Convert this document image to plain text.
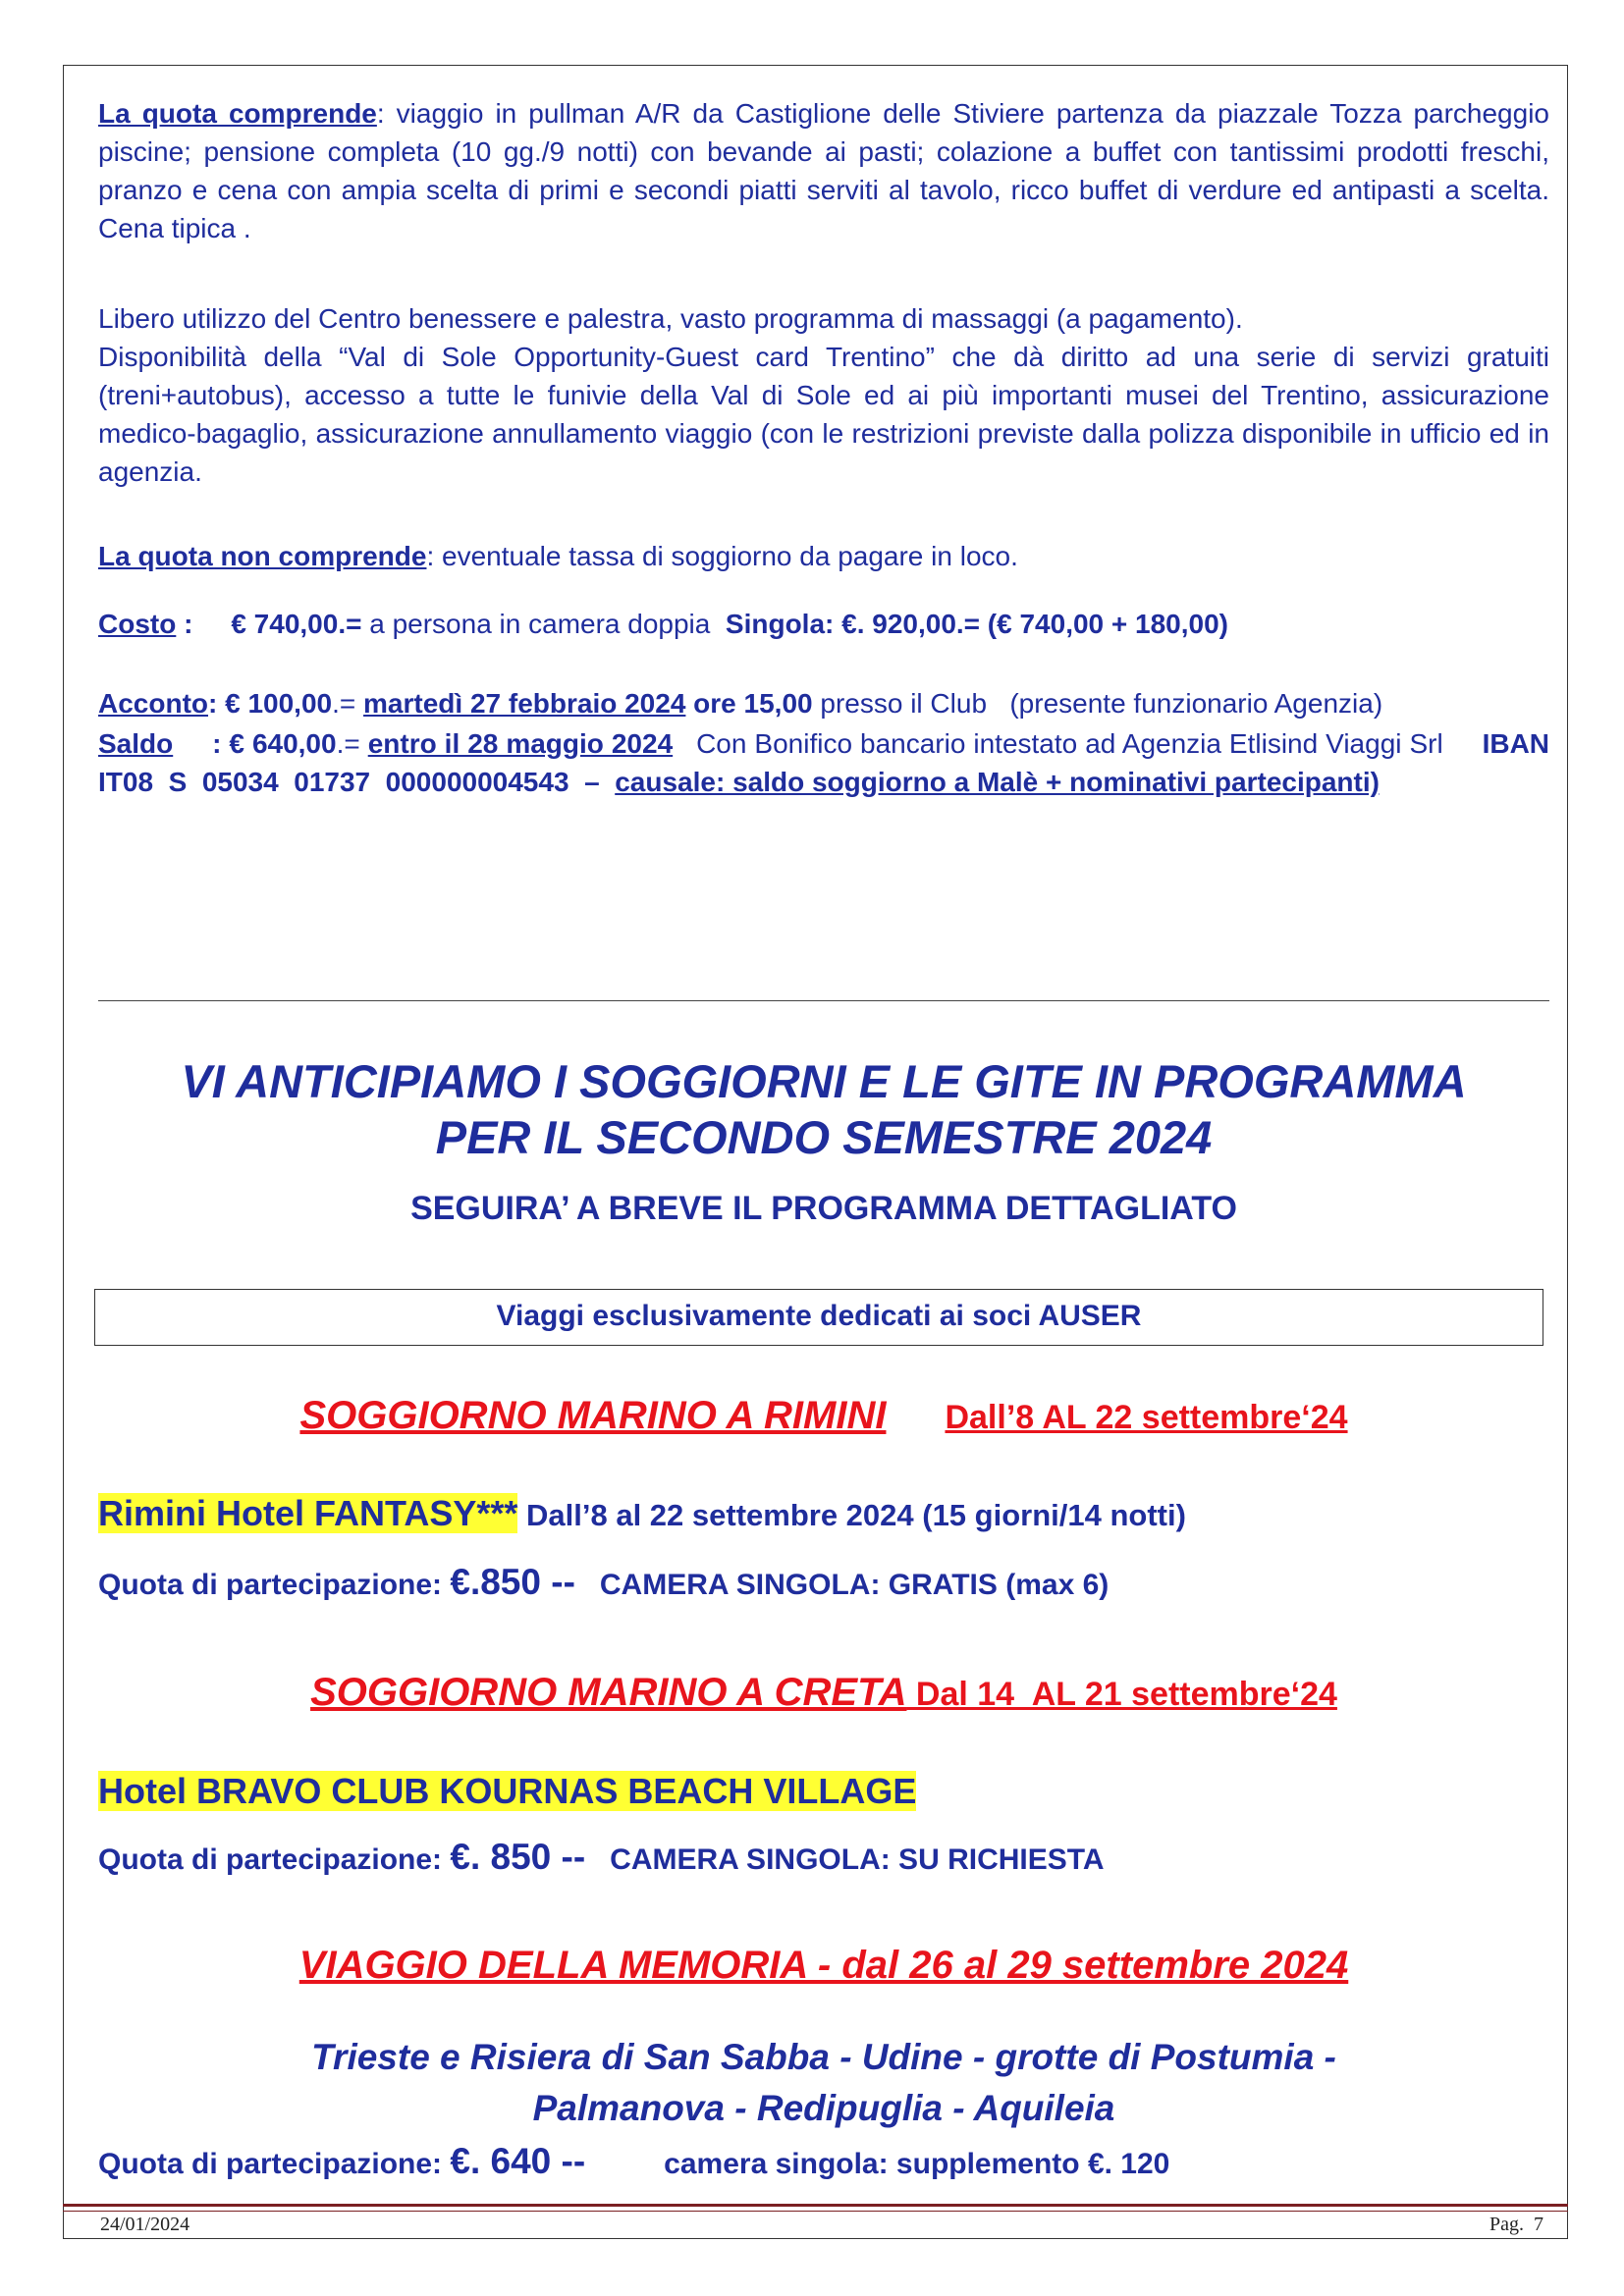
La quota comprende: viaggio in pullman A/R da Castiglione delle Stiviere partenza da piazzale Tozza parcheggio piscine; pensione completa (10 gg./9 notti) con bevande ai pasti; colazione a buffet con tantissimi prodotti freschi, pranzo e cena con ampia scelta di primi e secondi piatti serviti al tavolo, ricco buffet di verdure ed antipasti a scelta. Cena tipica .
Libero utilizzo del Centro benessere e palestra, vasto programma di massaggi (a pagamento).
Disponibilità della “Val di Sole Opportunity-Guest card Trentino” che dà diritto ad una serie di servizi gratuiti (treni+autobus), accesso a tutte le funivie della Val di Sole ed ai più importanti musei del Trentino, assicurazione medico-bagaglio, assicurazione annullamento viaggio (con le restrizioni previste dalla polizza disponibile in ufficio ed in agenzia.
La quota non comprende: eventuale tassa di soggiorno da pagare in loco.
Costo :     € 740,00.= a persona in camera doppia  Singola: €. 920,00.= (€ 740,00 + 180,00)
Acconto: € 100,00.= martedì 27 febbraio 2024 ore 15,00 presso il Club   (presente funzionario Agenzia)
Saldo     : € 640,00.= entro il 28 maggio 2024   Con Bonifico bancario intestato ad Agenzia Etlisind Viaggi Srl     IBAN   IT08  S  05034  01737  000000004543  –  causale: saldo soggiorno a Malè + nominativi partecipanti)
VI ANTICIPIAMO I SOGGIORNI E LE GITE IN PROGRAMMA
PER IL SECONDO SEMESTRE 2024
SEGUIRA’ A BREVE IL PROGRAMMA DETTAGLIATO
Viaggi esclusivamente dedicati ai soci AUSER
SOGGIORNO MARINO A RIMINI Dall’8 AL 22 settembre‘24
Rimini Hotel FANTASY*** Dall’8 al 22 settembre 2024 (15 giorni/14 notti)
Quota di partecipazione: €.850 --   CAMERA SINGOLA: GRATIS (max 6)
SOGGIORNO MARINO A CRETA Dal 14  AL 21 settembre‘24
Hotel BRAVO CLUB KOURNAS BEACH VILLAGE
Quota di partecipazione: €. 850 --   CAMERA SINGOLA: SU RICHIESTA
VIAGGIO DELLA MEMORIA - dal 26 al 29 settembre 2024
Trieste e Risiera di San Sabba - Udine - grotte di Postumia -
Palmanova - Redipuglia - Aquileia
Quota di partecipazione: €. 640 --	camera singola: supplemento €. 120
24/01/2024	Pag.  7
